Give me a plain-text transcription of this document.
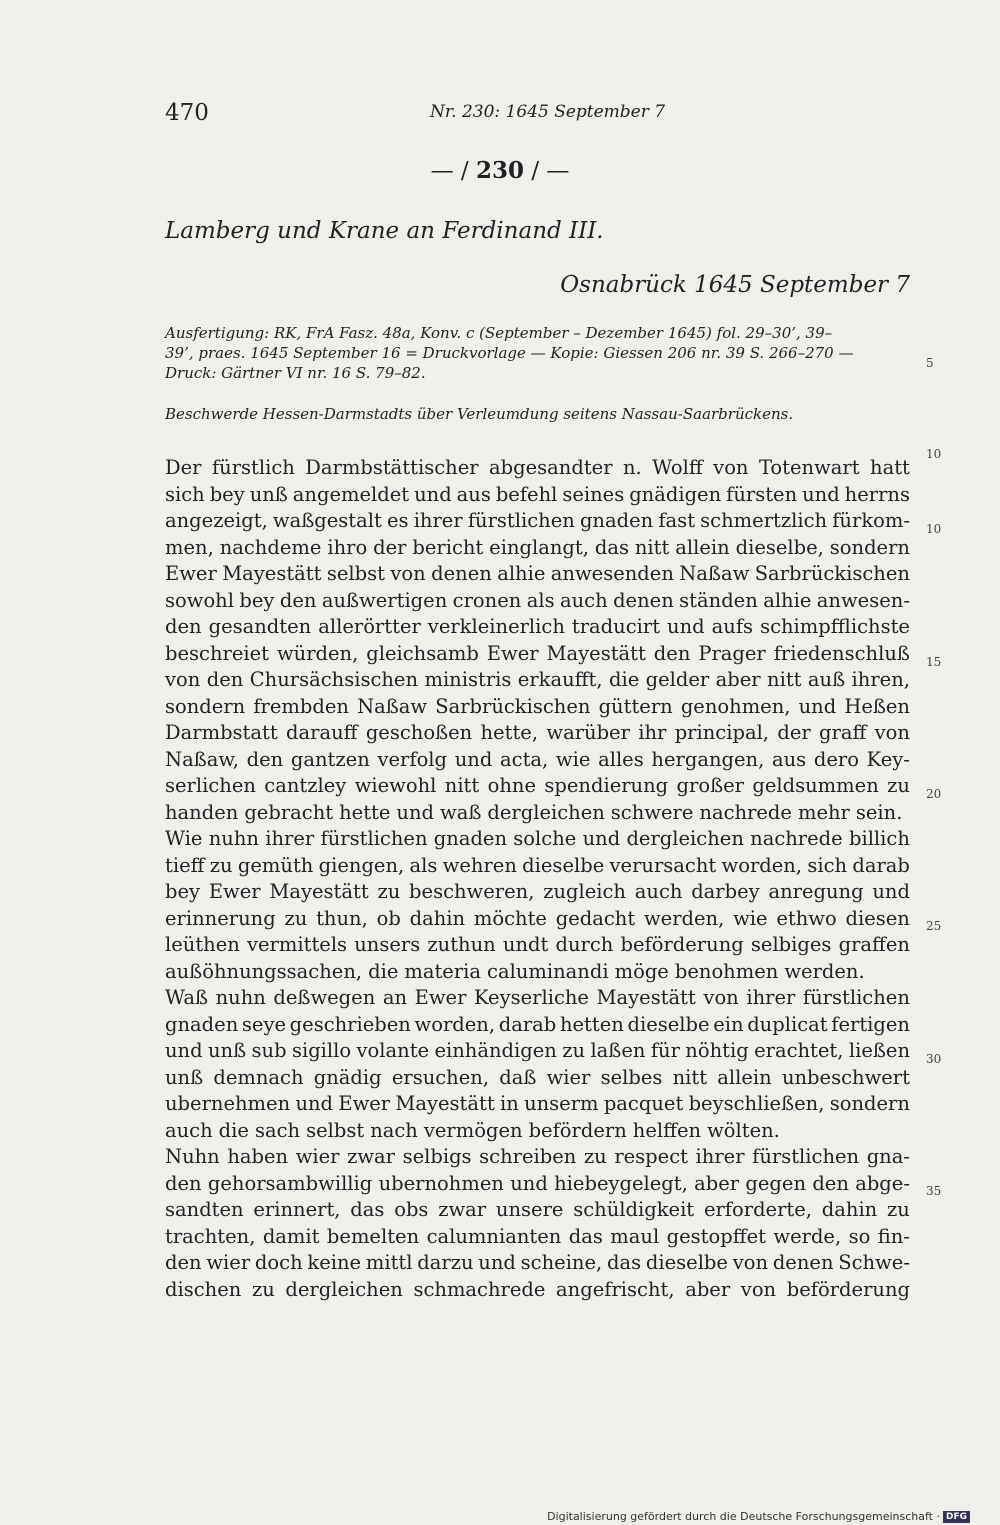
470	Nr. 230: 1645 September 7
— / 230 / —
Lamberg und Krane an Ferdinand III.
Osnabrück 1645 September 7
Ausfertigung: RK, FrA Fasz. 48a, Konv. c (September – Dezember 1645) fol. 29–30’, 39–
39’, praes. 1645 September 16 = Druckvorlage — Kopie: Giessen 206 nr. 39 S. 266–270 —
Druck: Gärtner VI nr. 16 S. 79–82.
5
10
Beschwerde Hessen-Darmstadts über Verleumdung seitens Nassau-Saarbrückens.
Der fürstlich Darmbstättischer abgesandter n. Wolff von Totenwart hatt
sich bey unß angemeldet und aus befehl seines gnädigen fürsten und herrns
angezeigt, waßgestalt es ihrer fürstlichen gnaden fast schmertzlich fürkom-
men, nachdeme ihro der bericht einglangt, das nitt allein dieselbe, sondern
Ewer Mayestätt selbst von denen alhie anwesenden Naßaw Sarbrückischen
sowohl bey den außwertigen cronen als auch denen ständen alhie anwesen-
den gesandten allerörtter verkleinerlich traducirt und aufs schimpfflichste
beschreiet würden, gleichsamb Ewer Mayestätt den Prager friedenschluß
von den Chursächsischen ministris erkaufft, die gelder aber nitt auß ihren,
sondern frembden Naßaw Sarbrückischen güttern genohmen, und Heßen
Darmbstatt darauff geschoßen hette, warüber ihr principal, der graff von
Naßaw, den gantzen verfolg und acta, wie alles hergangen, aus dero Key-
serlichen cantzley wiewohl nitt ohne spendierung großer geldsummen zu
handen gebracht hette und waß dergleichen schwere nachrede mehr sein.
Wie nuhn ihrer fürstlichen gnaden solche und dergleichen nachrede billich
tieff zu gemüth giengen, als wehren dieselbe verursacht worden, sich darab
bey Ewer Mayestätt zu beschweren, zugleich auch darbey anregung und
erinnerung zu thun, ob dahin möchte gedacht werden, wie ethwo diesen
leüthen vermittels unsers zuthun undt durch beförderung selbiges graffen
außöhnungssachen, die materia caluminandi möge benohmen werden.
Waß nuhn deßwegen an Ewer Keyserliche Mayestätt von ihrer fürstlichen
gnaden seye geschrieben worden, darab hetten dieselbe ein duplicat fertigen
und unß sub sigillo volante einhändigen zu laßen für nöhtig erachtet, ließen
unß demnach gnädig ersuchen, daß wier selbes nitt allein unbeschwert
ubernehmen und Ewer Mayestätt in unserm pacquet beyschließen, sondern
auch die sach selbst nach vermögen befördern helffen wölten.
Nuhn haben wier zwar selbigs schreiben zu respect ihrer fürstlichen gna-
den gehorsambwillig ubernohmen und hiebeygelegt, aber gegen den abge-
sandten erinnert, das obs zwar unsere schüldigkeit erforderte, dahin zu
trachten, damit bemelten calumnianten das maul gestopffet werde, so fin-
den wier doch keine mittl darzu und scheine, das dieselbe von denen Schwe-
dischen zu dergleichen schmachrede angefrischt, aber von beförderung
10
15
20
25
30
35
Digitalisierung gefördert durch die Deutsche Forschungsgemeinschaft · DFG
